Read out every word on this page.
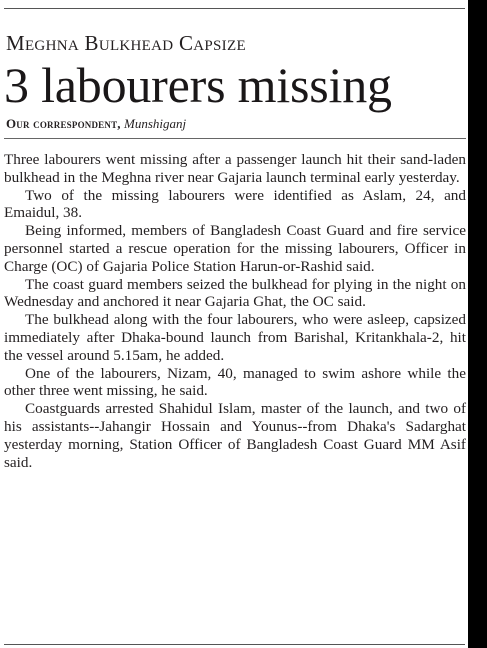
Meghna Bulkhead Capsize
3 labourers missing
Our correspondent, Munshiganj

Three labourers went missing after a passenger launch hit their sand-laden bulkhead in the Meghna river near Gajaria launch terminal early yesterday.

Two of the missing labourers were identified as Aslam, 24, and Emaidul, 38.

Being informed, members of Bangladesh Coast Guard and fire service personnel started a rescue operation for the missing labourers, Officer in Charge (OC) of Gajaria Police Station Harun-or-Rashid said.

The coast guard members seized the bulkhead for plying in the night on Wednesday and anchored it near Gajaria Ghat, the OC said.

The bulkhead along with the four labourers, who were asleep, capsized immediately after Dhaka-bound launch from Barishal, Kritankhala-2, hit the vessel around 5.15am, he added.

One of the labourers, Nizam, 40, managed to swim ashore while the other three went missing, he said.

Coastguards arrested Shahidul Islam, master of the launch, and two of his assistants--Jahangir Hossain and Younus--from Dhaka's Sadarghat yesterday morning, Station Officer of Bangladesh Coast Guard MM Asif said.
